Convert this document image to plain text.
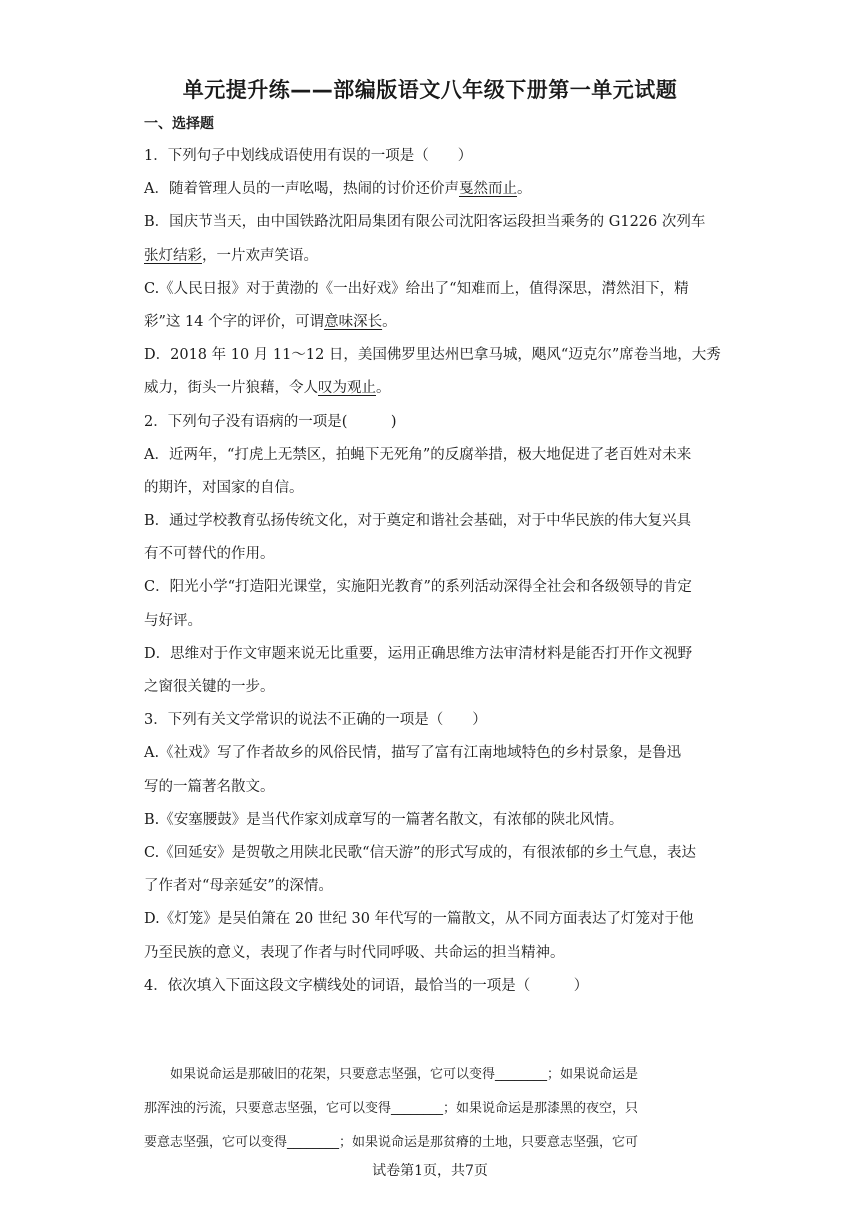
单元提升练——部编版语文八年级下册第一单元试题
一、选择题
1．下列句子中划线成语使用有误的一项是（　　）
A．随着管理人员的一声吆喝，热闹的讨价还价声戛然而止。
B．国庆节当天，由中国铁路沈阳局集团有限公司沈阳客运段担当乘务的 G1226 次列车
张灯结彩，一片欢声笑语。
C.《人民日报》对于黄渤的《一出好戏》给出了“知难而上，值得深思，潸然泪下，精
彩”这 14 个字的评价，可谓意味深长。
D．2018 年 10 月 11～12 日，美国佛罗里达州巴拿马城，飓风“迈克尔”席卷当地，大秀
威力，街头一片狼藉，令人叹为观止。
2．下列句子没有语病的一项是(　　　)
A．近两年，“打虎上无禁区，拍蝇下无死角”的反腐举措，极大地促进了老百姓对未来
的期许，对国家的自信。
B．通过学校教育弘扬传统文化，对于奠定和谐社会基础，对于中华民族的伟大复兴具
有不可替代的作用。
C．阳光小学“打造阳光课堂，实施阳光教育”的系列活动深得全社会和各级领导的肯定
与好评。
D．思维对于作文审题来说无比重要，运用正确思维方法审清材料是能否打开作文视野
之窗很关键的一步。
3．下列有关文学常识的说法不正确的一项是（　　）
A.《社戏》写了作者故乡的风俗民情，描写了富有江南地域特色的乡村景象，是鲁迅
写的一篇著名散文。
B.《安塞腰鼓》是当代作家刘成章写的一篇著名散文，有浓郁的陕北风情。
C.《回延安》是贺敬之用陕北民歌“信天游”的形式写成的，有很浓郁的乡土气息，表达
了作者对“母亲延安”的深情。
D.《灯笼》是吴伯箫在 20 世纪 30 年代写的一篇散文，从不同方面表达了灯笼对于他
乃至民族的意义，表现了作者与时代同呼吸、共命运的担当精神。
4．依次填入下面这段文字横线处的词语，最恰当的一项是（　　　）
　　如果说命运是那破旧的花架，只要意志坚强，它可以变得________；如果说命运是
那浑浊的污流，只要意志坚强，它可以变得________；如果说命运是那漆黑的夜空，只
要意志坚强，它可以变得________；如果说命运是那贫瘠的土地，只要意志坚强，它可
试卷第1页，共7页
